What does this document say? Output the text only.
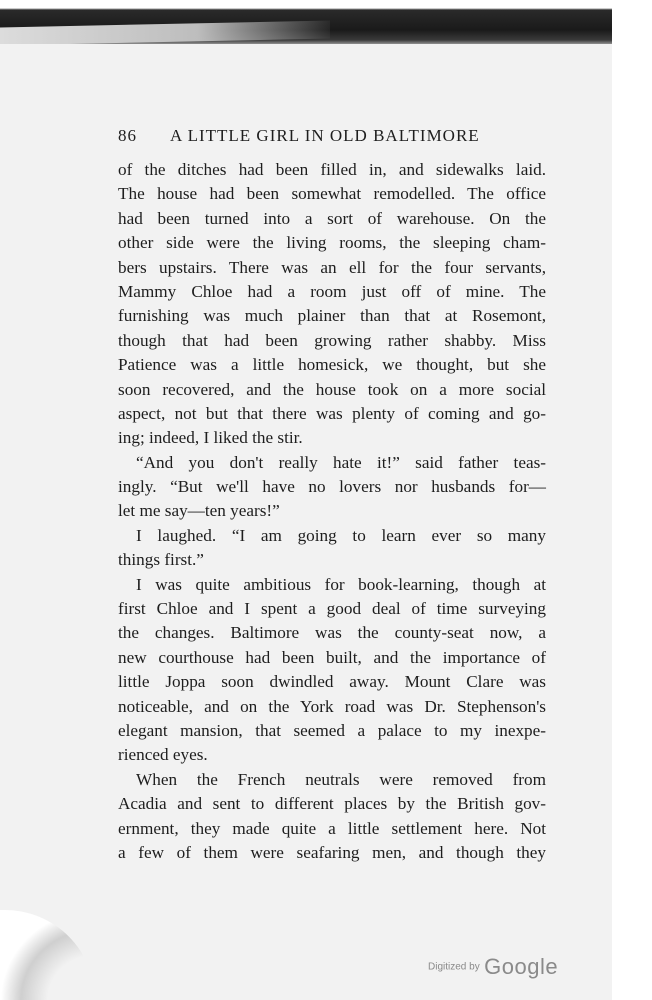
86 A LITTLE GIRL IN OLD BALTIMORE
of the ditches had been filled in, and sidewalks laid.
The house had been somewhat remodelled. The office
had been turned into a sort of warehouse. On the
other side were the living rooms, the sleeping cham-
bers upstairs. There was an ell for the four servants,
Mammy Chloe had a room just off of mine. The
furnishing was much plainer than that at Rosemont,
though that had been growing rather shabby. Miss
Patience was a little homesick, we thought, but she
soon recovered, and the house took on a more social
aspect, not but that there was plenty of coming and go-
ing; indeed, I liked the stir.
“And you don't really hate it!” said father teas-
ingly. “But we'll have no lovers nor husbands for—
let me say—ten years!”
I laughed. “I am going to learn ever so many
things first.”
I was quite ambitious for book-learning, though at
first Chloe and I spent a good deal of time surveying
the changes. Baltimore was the county-seat now, a
new courthouse had been built, and the importance of
little Joppa soon dwindled away. Mount Clare was
noticeable, and on the York road was Dr. Stephenson's
elegant mansion, that seemed a palace to my inexpe-
rienced eyes.
When the French neutrals were removed from
Acadia and sent to different places by the British gov-
ernment, they made quite a little settlement here. Not
a few of them were seafaring men, and though they
Digitized by Google
